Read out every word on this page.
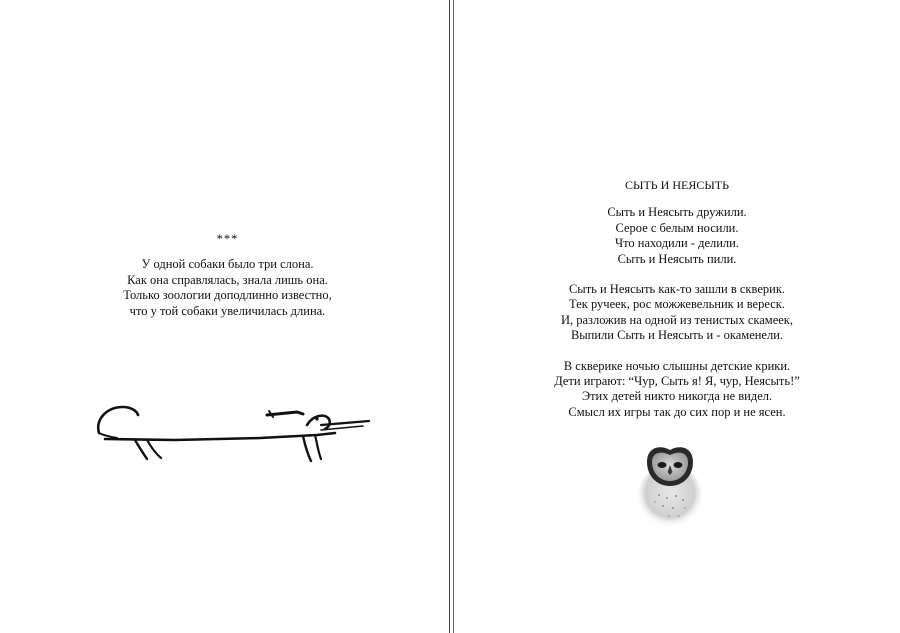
***
У одной собаки было три слона.
Как она справлялась, знала лишь она.
Только зоологии доподлинно известно,
что у той собаки увеличилась длина.
СЫТЬ И НЕЯСЫТЬ
Сыть и Неясыть дружили.
Серое с белым носили.
Что находили - делили.
Сыть и Неясыть пили.
Сыть и Неясыть как-то зашли в скверик.
Тек ручеек, рос можжевельник и вереск.
И, разложив на одной из тенистых скамеек,
Выпили Сыть и Неясыть и - окаменели.
В скверике ночью слышны детские крики.
Дети играют: “Чур, Сыть я! Я, чур, Неясыть!”
Этих детей никто никогда не видел.
Смысл их игры так до сих пор и не ясен.
